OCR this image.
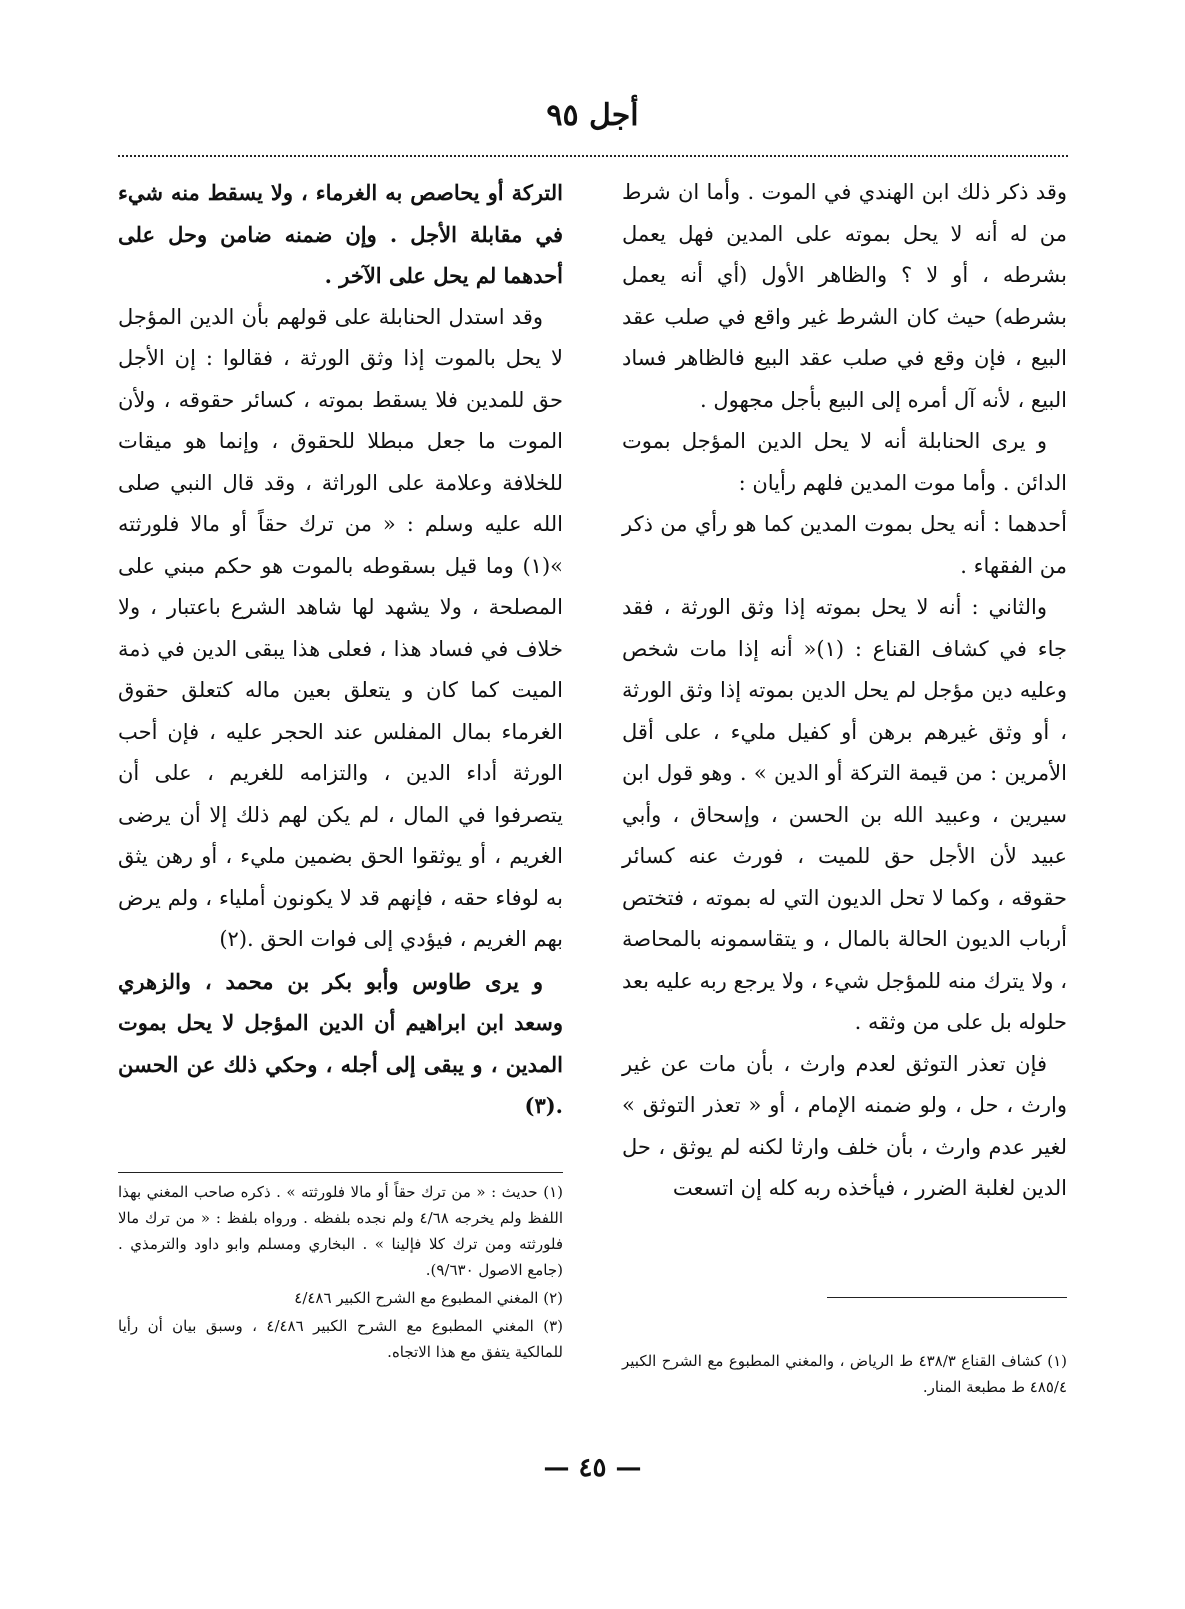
أجل ٩٥

وقد ذكر ذلك ابن الهندي في الموت . وأما ان شرط من له أنه لا يحل بموته على المدين فهل يعمل بشرطه ، أو لا ؟ والظاهر الأول (أي أنه يعمل بشرطه) حيث كان الشرط غير واقع في صلب عقد البيع ، فإن وقع في صلب عقد البيع فالظاهر فساد البيع ، لأنه آل أمره إلى البيع بأجل مجهول .

و يرى الحنابلة أنه لا يحل الدين المؤجل بموت الدائن . وأما موت المدين فلهم رأيان :

أحدهما : أنه يحل بموت المدين كما هو رأي من ذكر من الفقهاء .

والثاني : أنه لا يحل بموته إذا وثق الورثة ، فقد جاء في كشاف القناع : (١)« أنه إذا مات شخص وعليه دين مؤجل لم يحل الدين بموته إذا وثق الورثة ، أو وثق غيرهم برهن أو كفيل مليء ، على أقل الأمرين : من قيمة التركة أو الدين » . وهو قول ابن سيرين ، وعبيد الله بن الحسن ، وإسحاق ، وأبي عبيد لأن الأجل حق للميت ، فورث عنه كسائر حقوقه ، وكما لا تحل الديون التي له بموته ، فتختص أرباب الديون الحالة بالمال ، و يتقاسمونه بالمحاصة ، ولا يترك منه للمؤجل شيء ، ولا يرجع ربه عليه بعد حلوله بل على من وثقه .

فإن تعذر التوثق لعدم وارث ، بأن مات عن غير وارث ، حل ، ولو ضمنه الإمام ، أو « تعذر التوثق » لغير عدم وارث ، بأن خلف وارثا لكنه لم يوثق ، حل الدين لغلبة الضرر ، فيأخذه ربه كله إن اتسعت

(١) كشاف القناع ٤٣٨/٣ ط الرياض ، والمغني المطبوع مع الشرح الكبير ٤٨٥/٤ ط مطبعة المنار.

التركة أو يحاصص به الغرماء ، ولا يسقط منه شيء في مقابلة الأجل . وإن ضمنه ضامن وحل على أحدهما لم يحل على الآخر .

وقد استدل الحنابلة على قولهم بأن الدين المؤجل لا يحل بالموت إذا وثق الورثة ، فقالوا : إن الأجل حق للمدين فلا يسقط بموته ، كسائر حقوقه ، ولأن الموت ما جعل مبطلا للحقوق ، وإنما هو ميقات للخلافة وعلامة على الوراثة ، وقد قال النبي صلى الله عليه وسلم : « من ترك حقاً أو مالا فلورثته »(١) وما قيل بسقوطه بالموت هو حكم مبني على المصلحة ، ولا يشهد لها شاهد الشرع باعتبار ، ولا خلاف في فساد هذا ، فعلى هذا يبقى الدين في ذمة الميت كما كان و يتعلق بعين ماله كتعلق حقوق الغرماء بمال المفلس عند الحجر عليه ، فإن أحب الورثة أداء الدين ، والتزامه للغريم ، على أن يتصرفوا في المال ، لم يكن لهم ذلك إلا أن يرضى الغريم ، أو يوثقوا الحق بضمين مليء ، أو رهن يثق به لوفاء حقه ، فإنهم قد لا يكونون أملياء ، ولم يرض بهم الغريم ، فيؤدي إلى فوات الحق .(٢)

و يرى طاوس وأبو بكر بن محمد ، والزهري وسعد ابن ابراهيم أن الدين المؤجل لا يحل بموت المدين ، و يبقى إلى أجله ، وحكي ذلك عن الحسن .(٣)

(١) حديث : « من ترك حقاً أو مالا فلورثته » . ذكره صاحب المغني بهذا اللفظ ولم يخرجه ٤/٦٨ ولم نجده بلفظه . ورواه بلفظ : « من ترك مالا فلورثته ومن ترك كلا فإلينا » . البخاري ومسلم وابو داود والترمذي . (جامع الاصول ٩/٦٣٠).

(٢) المغني المطبوع مع الشرح الكبير ٤/٤٨٦

(٣) المغني المطبوع مع الشرح الكبير ٤/٤٨٦ ، وسبق بيان أن رأيا للمالكية يتفق مع هذا الاتجاه.

— ٤٥ —
